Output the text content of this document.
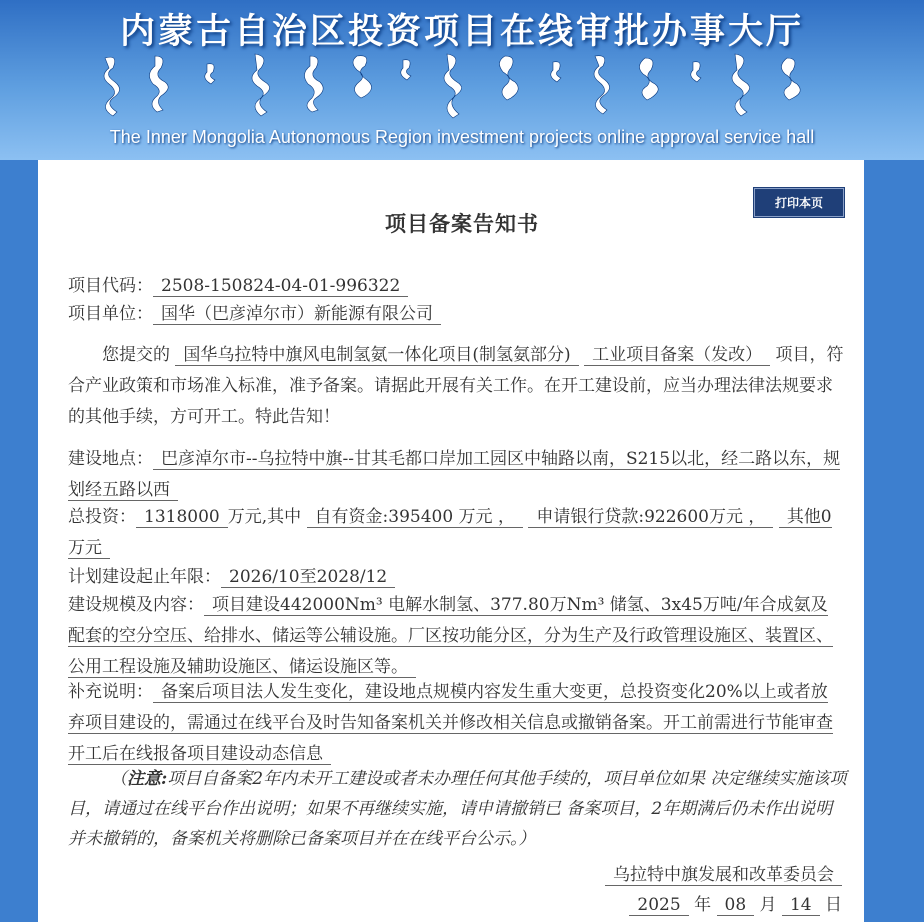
内蒙古自治区投资项目在线审批办事大厅
The Inner Mongolia Autonomous Region investment projects online approval service hall
打印本页
项目备案告知书
项目代码： 2508-150824-04-01-996322
项目单位： 国华（巴彦淖尔市）新能源有限公司
您提交的 国华乌拉特中旗风电制氢氨一体化项目(制氢氨部分) 工业项目备案（发改） 项目，符合产业政策和市场准入标准，准予备案。请据此开展有关工作。在开工建设前，应当办理法律法规要求的其他手续，方可开工。特此告知！
建设地点： 巴彦淖尔市--乌拉特中旗--甘其毛都口岸加工园区中轴路以南，S215以北，经二路以东，规划经五路以西
总投资： 1318000 万元,其中 自有资金:395400 万元 ， 申请银行贷款:922600万元 ， 其他0 万元
计划建设起止年限： 2026/10至2028/12
建设规模及内容： 项目建设442000Nm³ 电解水制氢、377.80万Nm³ 储氢、3x45万吨/年合成氨及配套的空分空压、给排水、储运等公辅设施。厂区按功能分区，分为生产及行政管理设施区、装置区、公用工程设施及辅助设施区、储运设施区等。
补充说明： 备案后项目法人发生变化，建设地点规模内容发生重大变更，总投资变化20%以上或者放弃项目建设的，需通过在线平台及时告知备案机关并修改相关信息或撤销备案。开工前需进行节能审查开工后在线报备项目建设动态信息
（注意:项目自备案2年内未开工建设或者未办理任何其他手续的，项目单位如果 决定继续实施该项目，请通过在线平台作出说明；如果不再继续实施，请申请撤销已 备案项目，2年期满后仍未作出说明并未撤销的，备案机关将删除已备案项目并在在线平台公示。）
乌拉特中旗发展和改革委员会
2025 年 08 月 14 日
